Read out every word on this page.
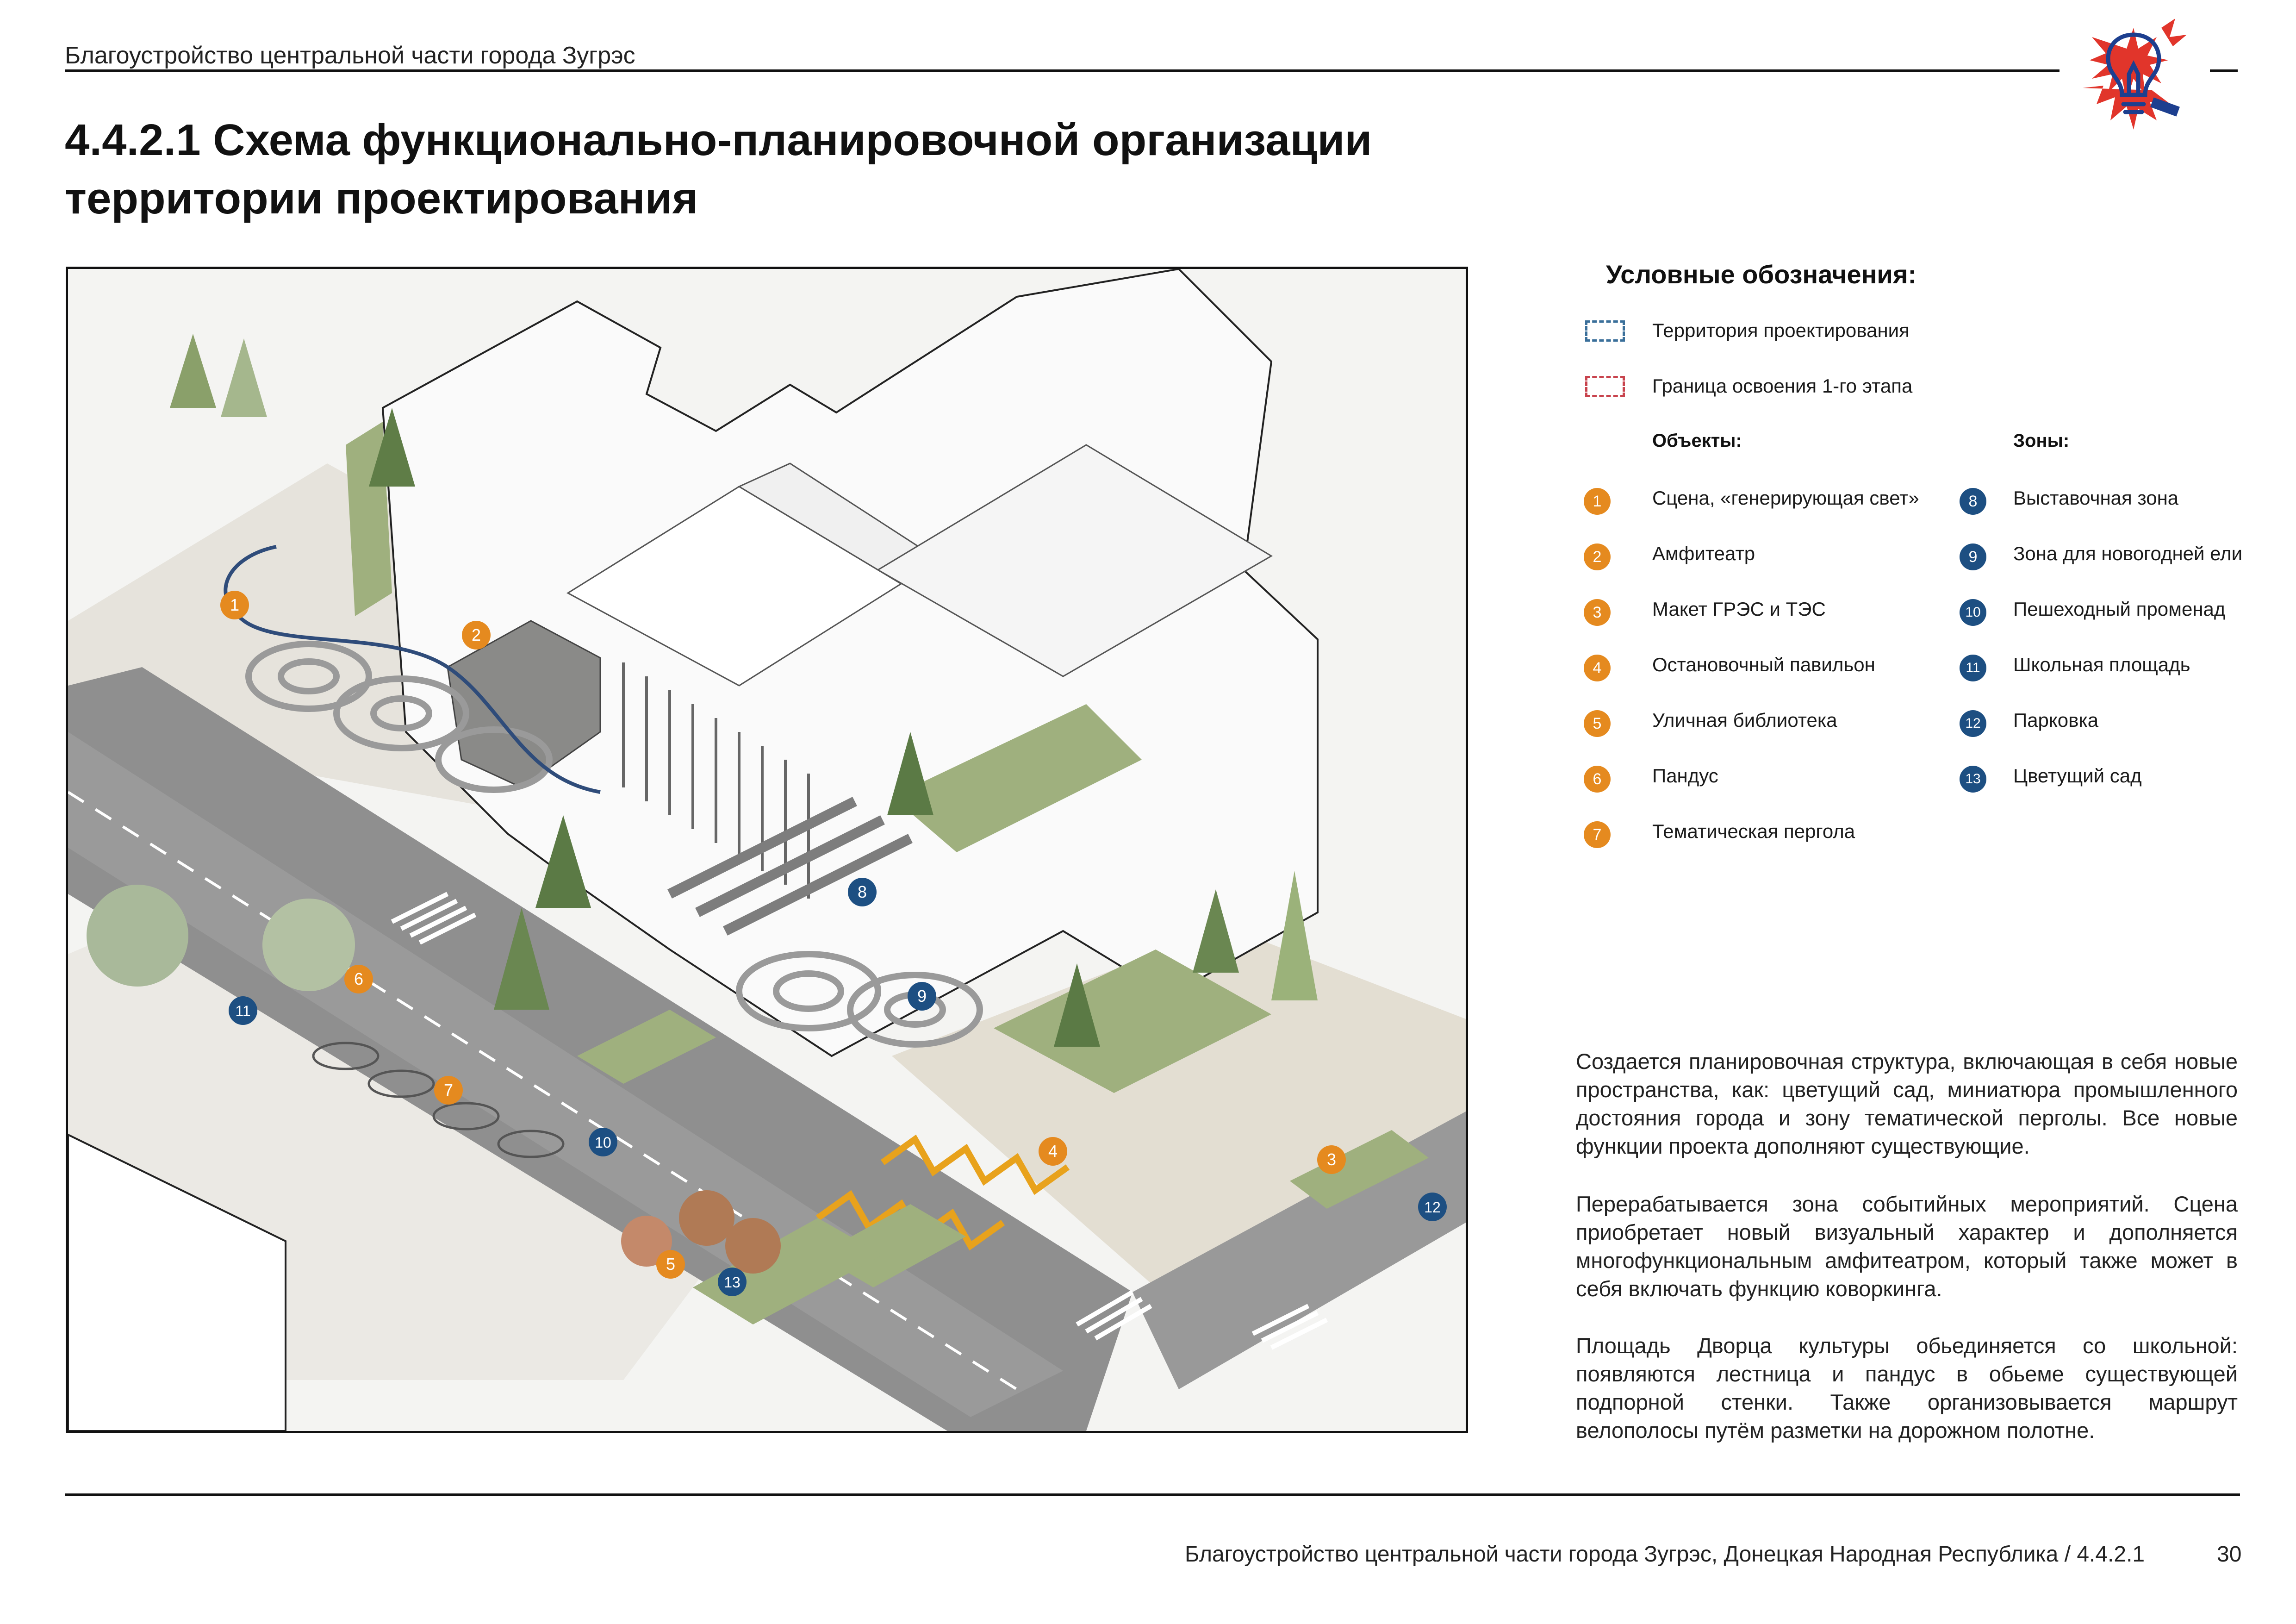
Благоустройство центральной части города Зугрэс
4.4.2.1 Схема функционально-планировочной организации
территории проектирования
1
2
3
4
5
6
7
8
9
10
11
12
13
Условные обозначения:
Территория проектирования
Граница освоения 1-го этапа
Объекты:	Зоны:
1	Сцена, «генерирующая свет»
2	Амфитеатр
3	Макет ГРЭС и ТЭС
4	Остановочный павильон
5	Уличная библиотека
6	Пандус
7	Тематическая пергола
8	Выставочная зона
9	Зона для новогодней ели
10 Пешеходный променад
11	Школьная площадь
12 Парковка
13 Цветущий сад
Создается планировочная структура, включающая в себя новые пространства, как: цветущий сад, миниатюра промышленного достояния города и зону тематической перголы. Все новые функции проекта дополняют существующие.
Перерабатывается зона событийных мероприятий. Сцена приобретает новый визуальный характер и дополняется многофункциональным амфитеатром, который также может в себя включать функцию коворкинга.
Площадь Дворца культуры обьединяется со школьной: появляются лестница и пандус в обьеме существующей подпорной стенки. Также организовывается маршрут велополосы путём разметки на дорожном полотне.
Благоустройство центральной части города Зугрэс, Донецкая Народная Республика / 4.4.2.1	30
